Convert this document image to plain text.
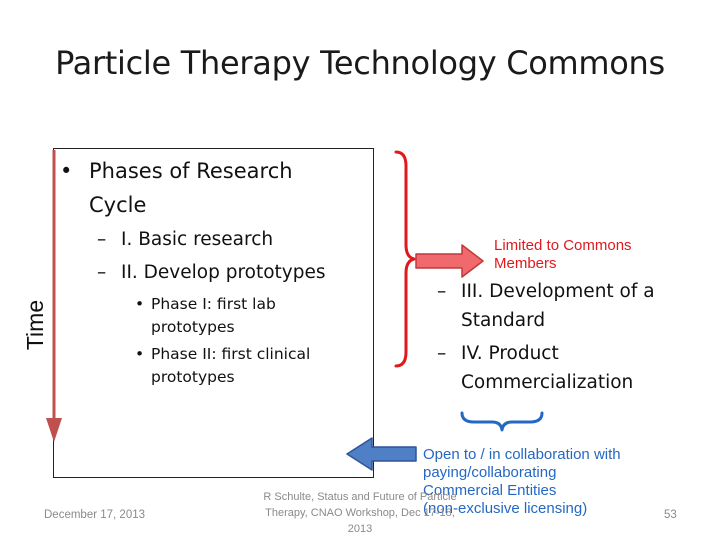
Particle Therapy Technology Commons
• Phases of Research
Cycle
– I. Basic research
– II. Develop prototypes
• Phase I: first lab
prototypes
• Phase II: first clinical
prototypes
– III. Development of a
Standard
– IV. Product
Commercialization
Time
Limited to Commons
Members
Open to / in collaboration with
paying/collaborating
Commercial Entities
(non-exclusive licensing)
December 17, 2013
R Schulte, Status and Future of Particle
Therapy, CNAO Workshop, Dec 17-18,
2013
53
